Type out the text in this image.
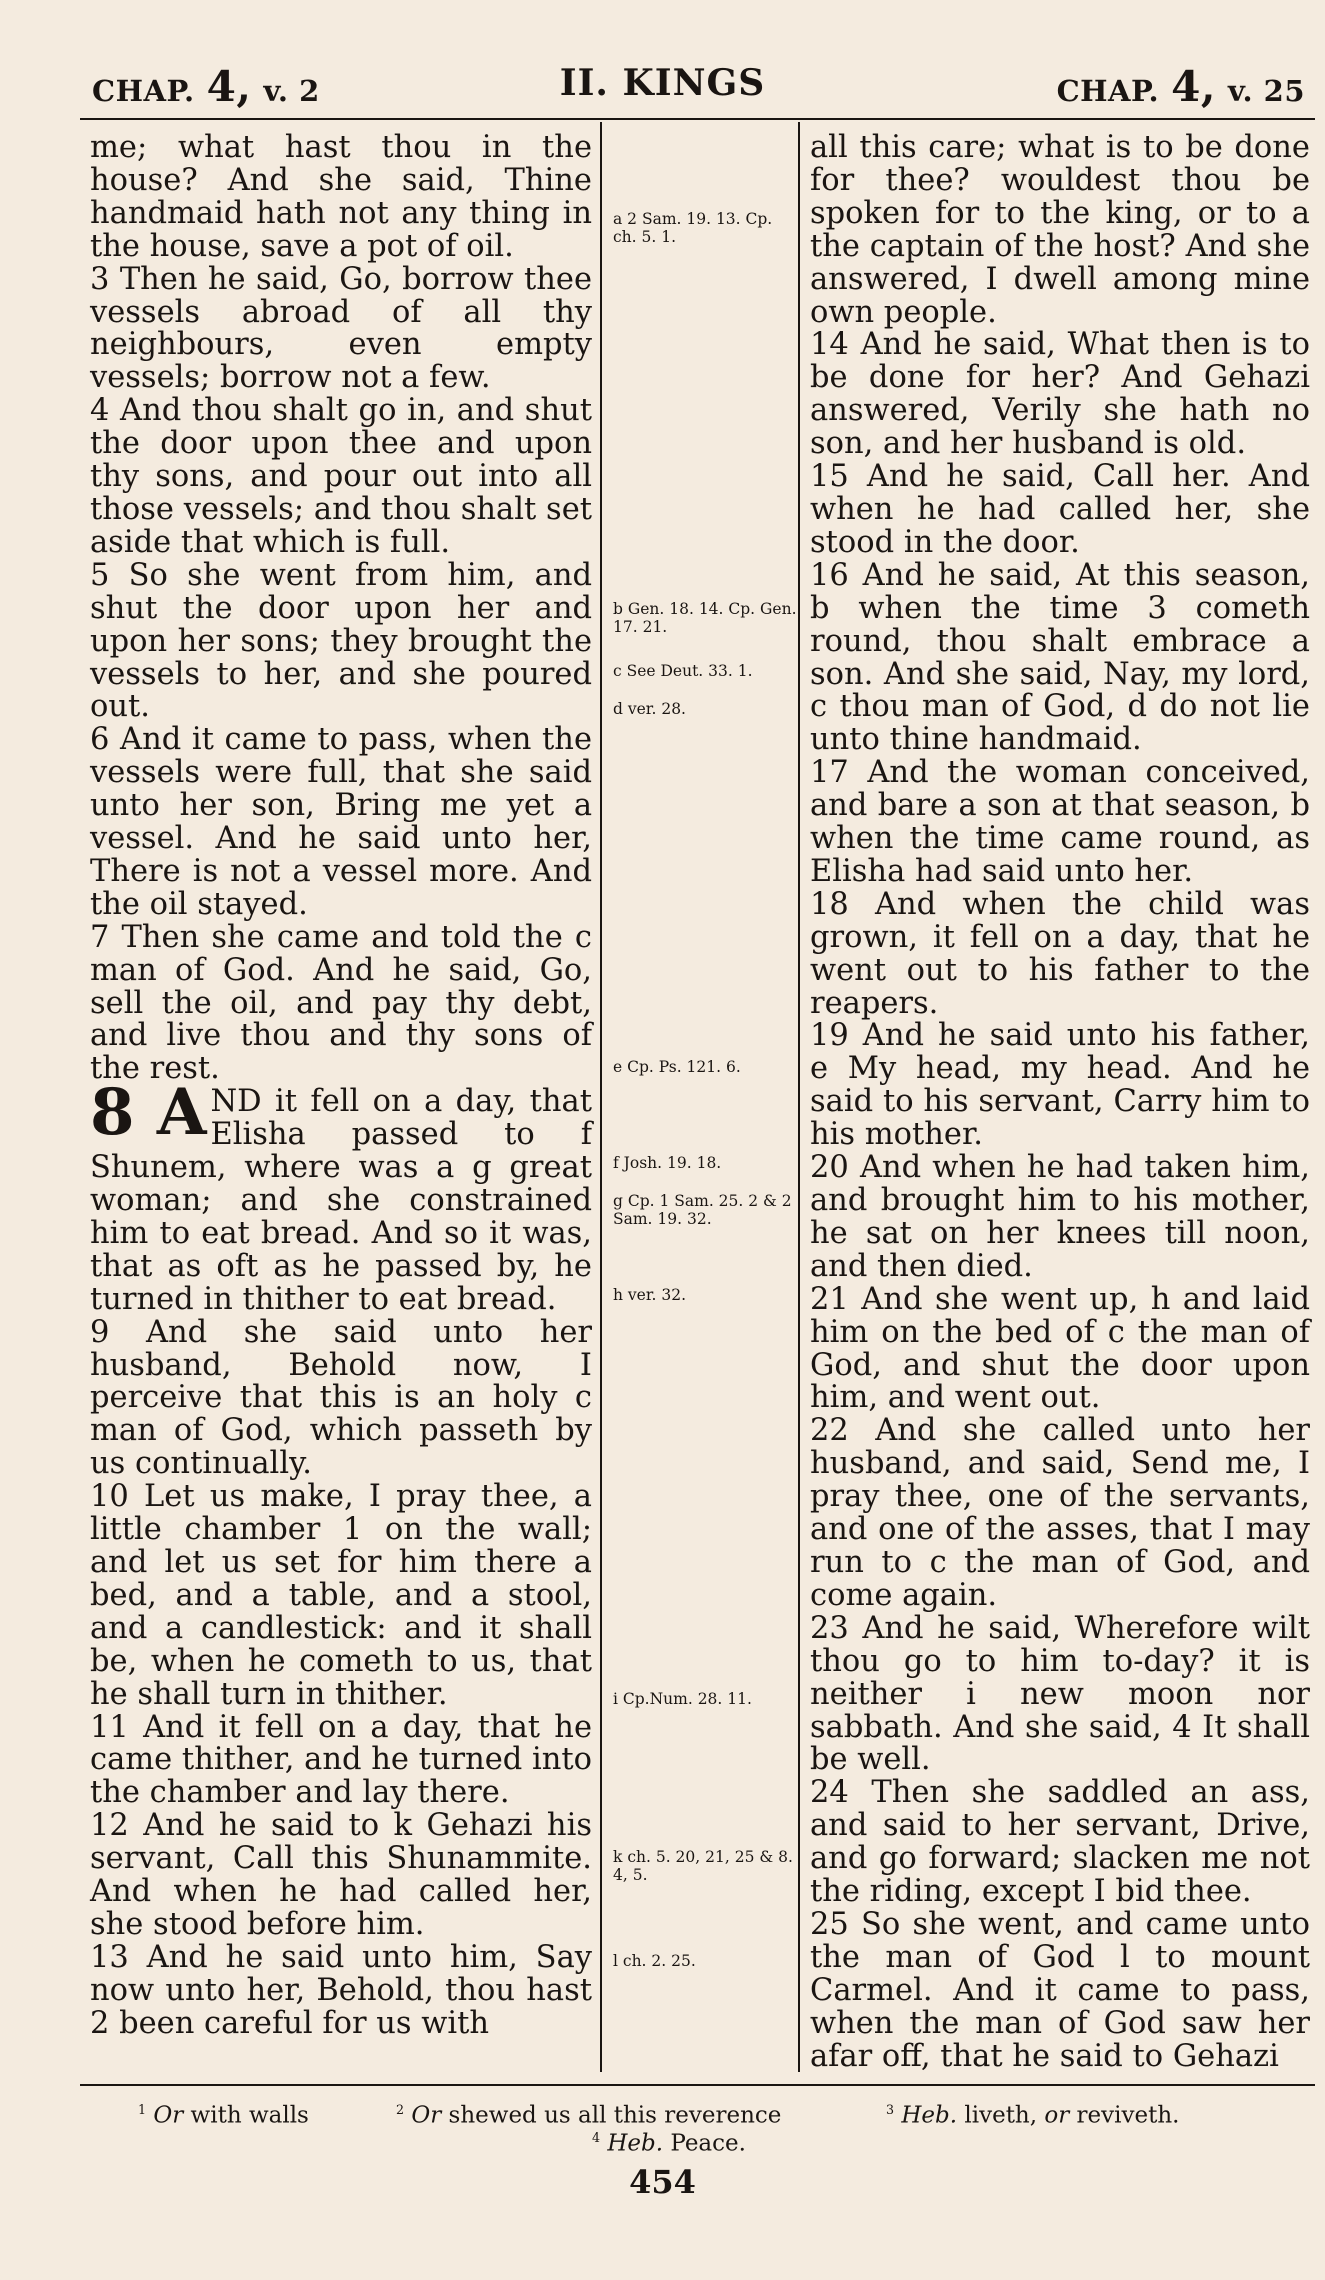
CHAP. 4, v. 2	II. KINGS	CHAP. 4, v. 25

me; what hast thou in the house? And she said, Thine handmaid hath not any thing in the house, save a pot of oil.

3 Then he said, Go, borrow thee vessels abroad of all thy neighbours, even empty vessels; borrow not a few.

4 And thou shalt go in, and shut the door upon thee and upon thy sons, and pour out into all those vessels; and thou shalt set aside that which is full.

5 So she went from him, and shut the door upon her and upon her sons; they brought the vessels to her, and she poured out.

6 And it came to pass, when the vessels were full, that she said unto her son, Bring me yet a vessel. And he said unto her, There is not a vessel more. And the oil stayed.

7 Then she came and told the c man of God. And he said, Go, sell the oil, and pay thy debt, and live thou and thy sons of the rest.

8 A ND it fell on a day, that Elisha passed to f Shunem, where was a g great woman; and she constrained him to eat bread. And so it was, that as oft as he passed by, he turned in thither to eat bread.

9 And she said unto her husband, Behold now, I perceive that this is an holy c man of God, which passeth by us continually.

10 Let us make, I pray thee, a little chamber 1 on the wall; and let us set for him there a bed, and a table, and a stool, and a candlestick: and it shall be, when he cometh to us, that he shall turn in thither.

11 And it fell on a day, that he came thither, and he turned into the chamber and lay there.

12 And he said to k Gehazi his servant, Call this Shunammite. And when he had called her, she stood before him.

13 And he said unto him, Say now unto her, Behold, thou hast 2 been careful for us with

a 2 Sam. 19. 13. Cp. ch. 5. 1.
b Gen. 18. 14. Cp. Gen. 17. 21.
c See Deut. 33. 1.
d ver. 28.
e Cp. Ps. 121. 6.
f Josh. 19. 18.
g Cp. 1 Sam. 25. 2 & 2 Sam. 19. 32.
h ver. 32.
i Cp.Num. 28. 11.
k ch. 5. 20, 21, 25 & 8. 4, 5.
l ch. 2. 25.

all this care; what is to be done for thee? wouldest thou be spoken for to the king, or to a the captain of the host? And she answered, I dwell among mine own people.

14 And he said, What then is to be done for her? And Gehazi answered, Verily she hath no son, and her husband is old.

15 And he said, Call her. And when he had called her, she stood in the door.

16 And he said, At this season, b when the time 3 cometh round, thou shalt embrace a son. And she said, Nay, my lord, c thou man of God, d do not lie unto thine handmaid.

17 And the woman conceived, and bare a son at that season, b when the time came round, as Elisha had said unto her.

18 And when the child was grown, it fell on a day, that he went out to his father to the reapers.

19 And he said unto his father, e My head, my head. And he said to his servant, Carry him to his mother.

20 And when he had taken him, and brought him to his mother, he sat on her knees till noon, and then died.

21 And she went up, h and laid him on the bed of c the man of God, and shut the door upon him, and went out.

22 And she called unto her husband, and said, Send me, I pray thee, one of the servants, and one of the asses, that I may run to c the man of God, and come again.

23 And he said, Wherefore wilt thou go to him to-day? it is neither i new moon nor sabbath. And she said, 4 It shall be well.

24 Then she saddled an ass, and said to her servant, Drive, and go forward; slacken me not the riding, except I bid thee.

25 So she went, and came unto the man of God l to mount Carmel. And it came to pass, when the man of God saw her afar off, that he said to Gehazi

$^1$ Or with walls	$^2$ Or shewed us all this reverence	$^3$ Heb. liveth, or reviveth.
$^4$ Heb. Peace.
454
